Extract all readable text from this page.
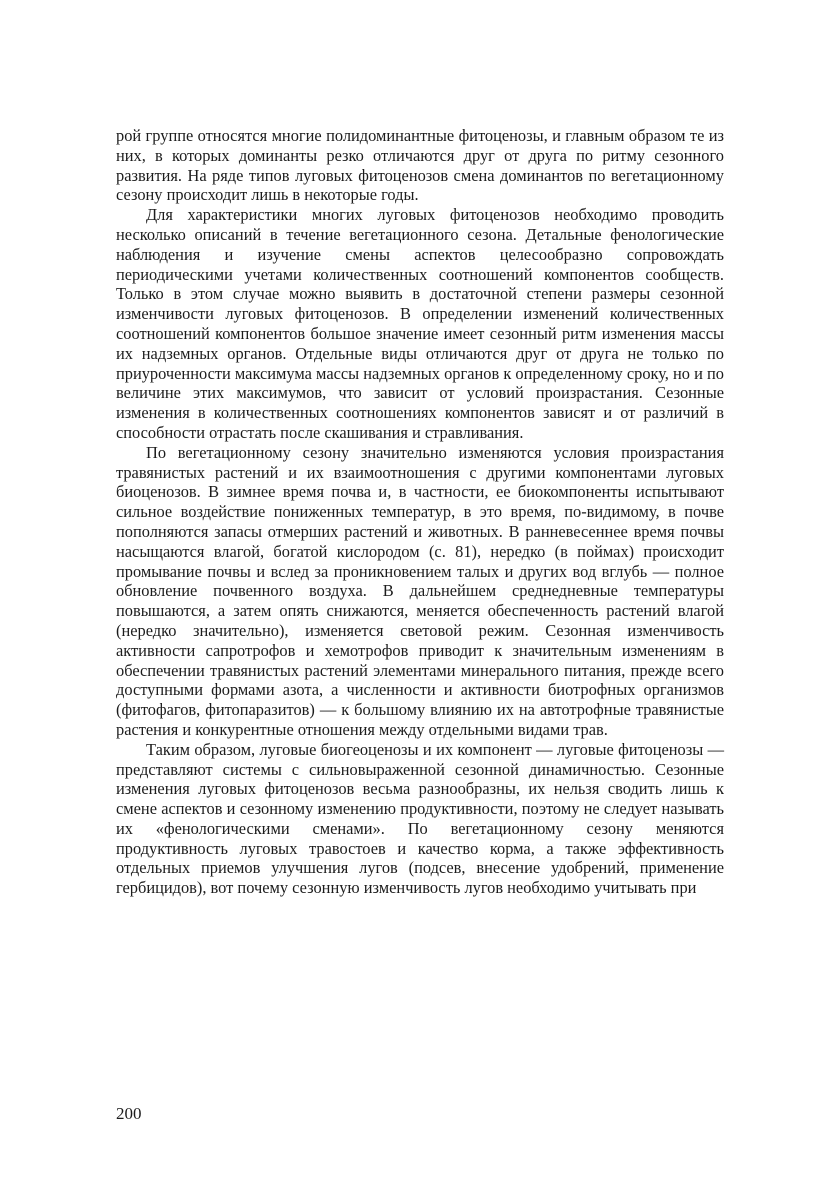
рой группе относятся многие полидоминантные фитоценозы, и главным образом те из них, в которых доминанты резко отличаются друг от друга по ритму сезонного развития. На ряде типов луговых фитоценозов смена доминантов по вегетационному сезону происходит лишь в некоторые годы.

Для характеристики многих луговых фитоценозов необходимо проводить несколько описаний в течение вегетационного сезона. Детальные фенологические наблюдения и изучение смены аспектов целесообразно сопровождать периодическими учетами количественных соотношений компонентов сообществ. Только в этом случае можно выявить в достаточной степени размеры сезонной изменчивости луговых фитоценозов. В определении изменений количественных соотношений компонентов большое значение имеет сезонный ритм изменения массы их надземных органов. Отдельные виды отличаются друг от друга не только по приуроченности максимума массы надземных органов к определенному сроку, но и по величине этих максимумов, что зависит от условий произрастания. Сезонные изменения в количественных соотношениях компонентов зависят и от различий в способности отрастать после скашивания и стравливания.

По вегетационному сезону значительно изменяются условия произрастания травянистых растений и их взаимоотношения с другими компонентами луговых биоценозов. В зимнее время почва и, в частности, ее биокомпоненты испытывают сильное воздействие пониженных температур, в это время, по-видимому, в почве пополняются запасы отмерших растений и животных. В ранневесеннее время почвы насыщаются влагой, богатой кислородом (с. 81), нередко (в поймах) происходит промывание почвы и вслед за проникновением талых и других вод вглубь — полное обновление почвенного воздуха. В дальнейшем среднедневные температуры повышаются, а затем опять снижаются, меняется обеспеченность растений влагой (нередко значительно), изменяется световой режим. Сезонная изменчивость активности сапротрофов и хемотрофов приводит к значительным изменениям в обеспечении травянистых растений элементами минерального питания, прежде всего доступными формами азота, а численности и активности биотрофных организмов (фитофагов, фитопаразитов) — к большому влиянию их на автотрофные травянистые растения и конкурентные отношения между отдельными видами трав.

Таким образом, луговые биогеоценозы и их компонент — луговые фитоценозы — представляют системы с сильновыраженной сезонной динамичностью. Сезонные изменения луговых фитоценозов весьма разнообразны, их нельзя сводить лишь к смене аспектов и сезонному изменению продуктивности, поэтому не следует называть их «фенологическими сменами». По вегетационному сезону меняются продуктивность луговых травостоев и качество корма, а также эффективность отдельных приемов улучшения лугов (подсев, внесение удобрений, применение гербицидов), вот почему сезонную изменчивость лугов необходимо учитывать при

200
